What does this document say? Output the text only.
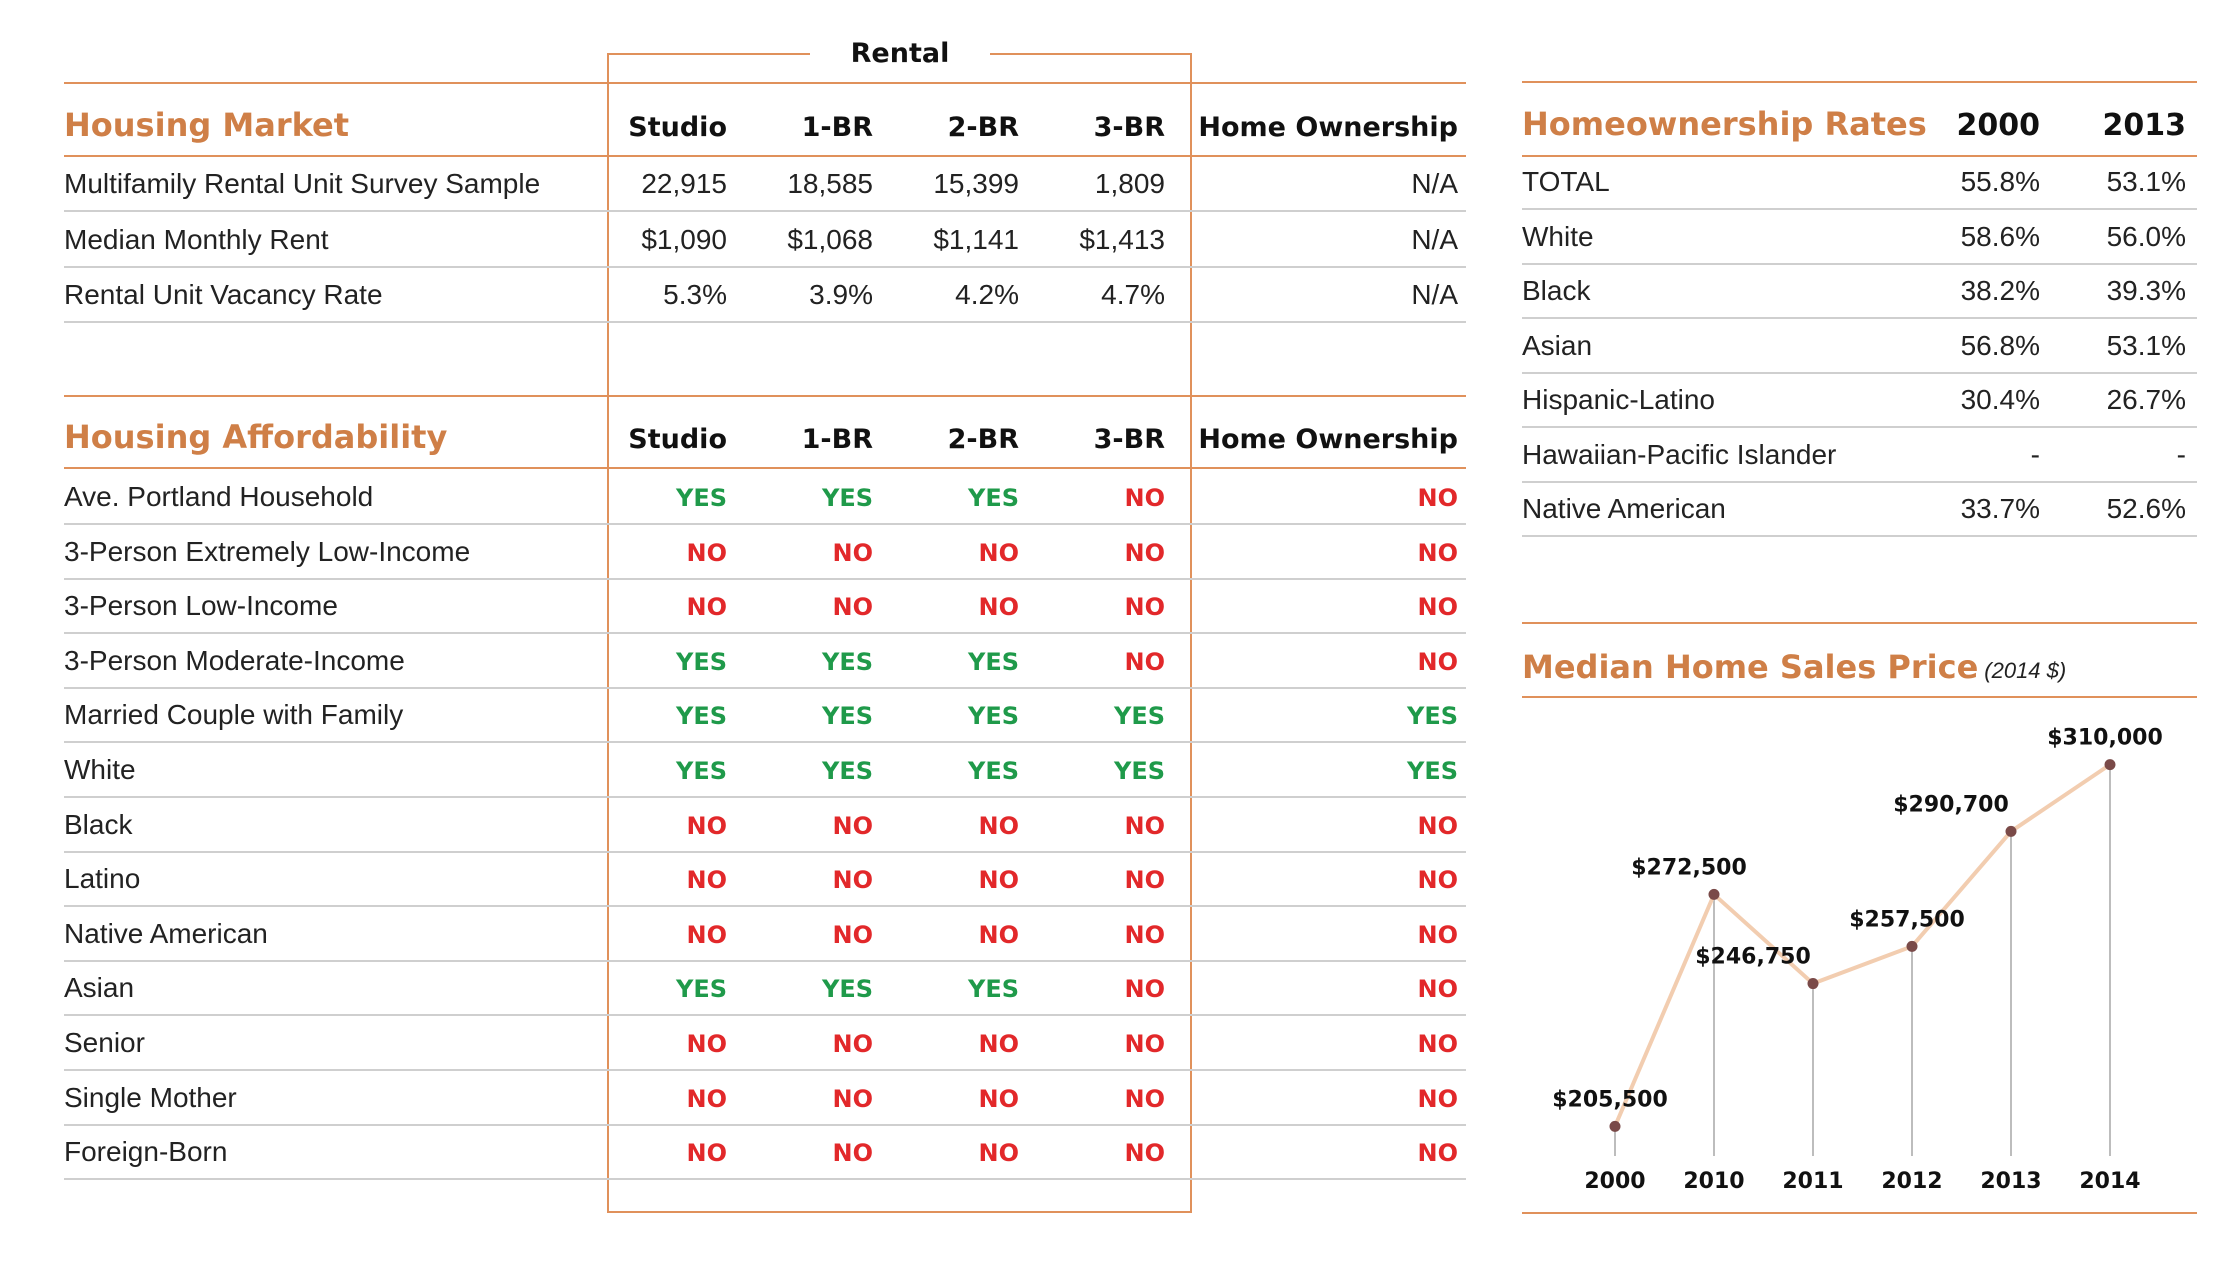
Rental
Housing Market	Studio	1-BR	2-BR	3-BR Home Ownership
Multifamily Rental Unit Survey Sample	22,915 18,585 15,399	1,809	N/A
Median Monthly Rent	$1,090 $1,068 $1,141 $1,413	N/A
Rental Unit Vacancy Rate	5.3%	3.9%	4.2%	4.7%	N/A
Housing Affordability	Studio	1-BR	2-BR	3-BR Home Ownership
Ave. Portland Household	YES	YES	YES	NO	NO
3-Person Extremely Low-Income	NO	NO	NO	NO	NO
3-Person Low-Income	NO	NO	NO	NO	NO
3-Person Moderate-Income	YES	YES	YES	NO	NO
Married Couple with Family	YES	YES	YES	YES	YES
White	YES	YES	YES	YES	YES
Black	NO	NO	NO	NO	NO
Latino	NO	NO	NO	NO	NO
Native American	NO	NO	NO	NO	NO
Asian	YES	YES	YES	NO	NO
Senior	NO	NO	NO	NO	NO
Single Mother	NO	NO	NO	NO	NO
Foreign-Born	NO	NO	NO	NO	NO
Homeownership Rates 2000 2013
TOTAL	55.8% 53.1%
White	58.6% 56.0%
Black	38.2% 39.3%
Asian	56.8% 53.1%
Hispanic-Latino	30.4% 26.7%
Hawaiian-Pacific Islander	-	-
Native American	33.7% 52.6%
Median Home Sales Price (2014 $)
$205,500
$272,500
$246,750
$257,500
$290,700
$310,000
2000 2010 2011 2012 2013 2014
